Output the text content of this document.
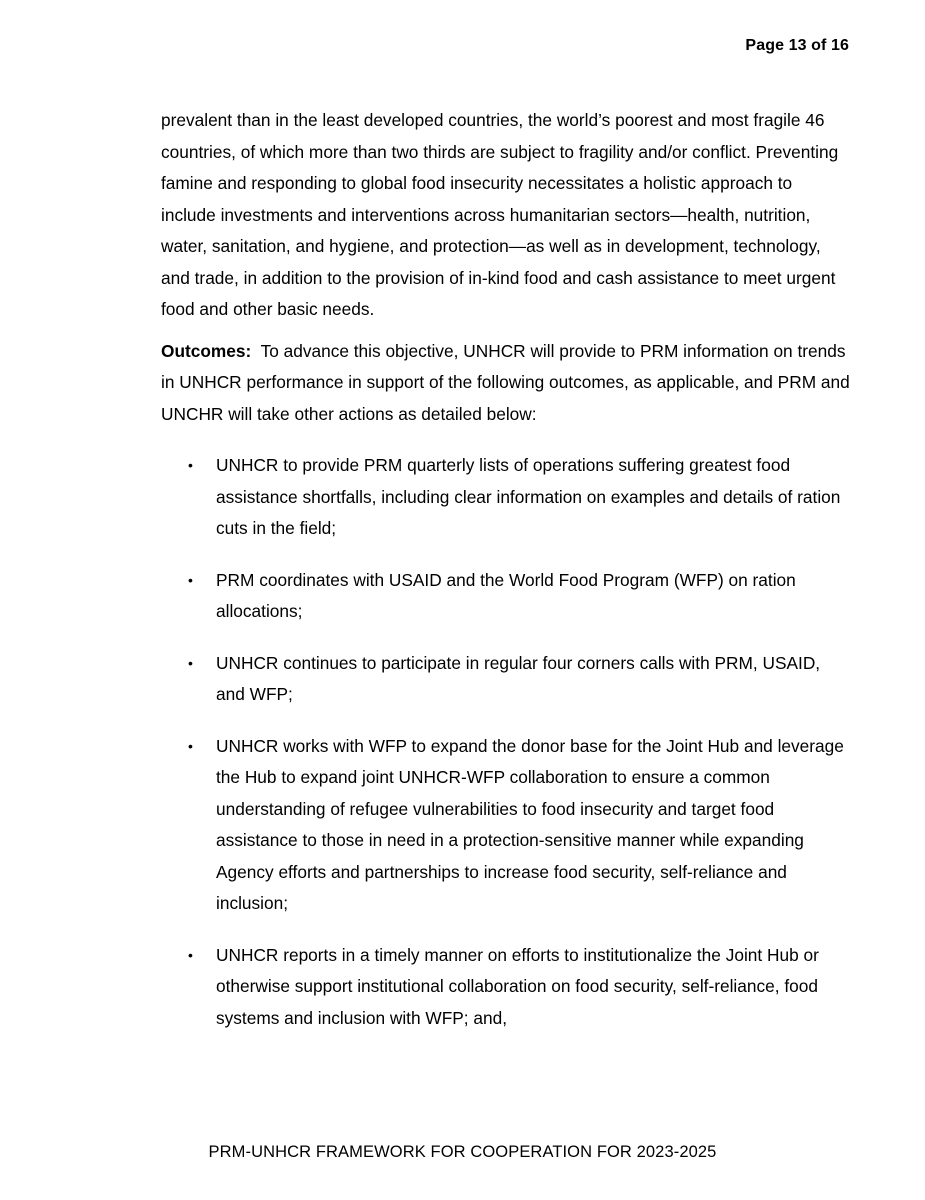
Page 13 of 16

prevalent than in the least developed countries, the world’s poorest and most fragile 46 countries, of which more than two thirds are subject to fragility and/or conflict. Preventing famine and responding to global food insecurity necessitates a holistic approach to include investments and interventions across humanitarian sectors—health, nutrition, water, sanitation, and hygiene, and protection—as well as in development, technology, and trade, in addition to the provision of in-kind food and cash assistance to meet urgent food and other basic needs.

Outcomes: To advance this objective, UNHCR will provide to PRM information on trends in UNHCR performance in support of the following outcomes, as applicable, and PRM and UNCHR will take other actions as detailed below:

• UNHCR to provide PRM quarterly lists of operations suffering greatest food assistance shortfalls, including clear information on examples and details of ration cuts in the field;
• PRM coordinates with USAID and the World Food Program (WFP) on ration allocations;
• UNHCR continues to participate in regular four corners calls with PRM, USAID, and WFP;
• UNHCR works with WFP to expand the donor base for the Joint Hub and leverage the Hub to expand joint UNHCR-WFP collaboration to ensure a common understanding of refugee vulnerabilities to food insecurity and target food assistance to those in need in a protection-sensitive manner while expanding Agency efforts and partnerships to increase food security, self-reliance and inclusion;
• UNHCR reports in a timely manner on efforts to institutionalize the Joint Hub or otherwise support institutional collaboration on food security, self-reliance, food systems and inclusion with WFP; and,
PRM-UNHCR FRAMEWORK FOR COOPERATION FOR 2023-2025
